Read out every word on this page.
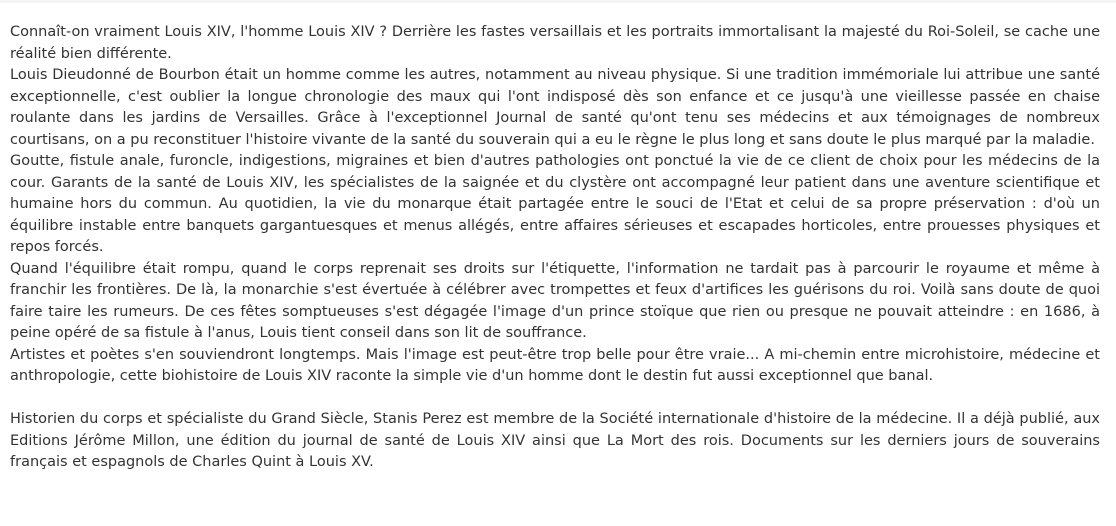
Connaît-on vraiment Louis XIV, l'homme Louis XIV ? Derrière les fastes versaillais et les portraits immortalisant la majesté du Roi-Soleil, se cache une réalité bien différente.

Louis Dieudonné de Bourbon était un homme comme les autres, notamment au niveau physique. Si une tradition immémoriale lui attribue une santé exceptionnelle, c'est oublier la longue chronologie des maux qui l'ont indisposé dès son enfance et ce jusqu'à une vieillesse passée en chaise roulante dans les jardins de Versailles. Grâce à l'exceptionnel Journal de santé qu'ont tenu ses médecins et aux témoignages de nombreux courtisans, on a pu reconstituer l'histoire vivante de la santé du souverain qui a eu le règne le plus long et sans doute le plus marqué par la maladie.

Goutte, fistule anale, furoncle, indigestions, migraines et bien d'autres pathologies ont ponctué la vie de ce client de choix pour les médecins de la cour. Garants de la santé de Louis XIV, les spécialistes de la saignée et du clystère ont accompagné leur patient dans une aventure scientifique et humaine hors du commun. Au quotidien, la vie du monarque était partagée entre le souci de l'Etat et celui de sa propre préservation : d'où un équilibre instable entre banquets gargantuesques et menus allégés, entre affaires sérieuses et escapades horticoles, entre prouesses physiques et repos forcés.

Quand l'équilibre était rompu, quand le corps reprenait ses droits sur l'étiquette, l'information ne tardait pas à parcourir le royaume et même à franchir les frontières. De là, la monarchie s'est évertuée à célébrer avec trompettes et feux d'artifices les guérisons du roi. Voilà sans doute de quoi faire taire les rumeurs. De ces fêtes somptueuses s'est dégagée l'image d'un prince stoïque que rien ou presque ne pouvait atteindre : en 1686, à peine opéré de sa fistule à l'anus, Louis tient conseil dans son lit de souffrance.

Artistes et poètes s'en souviendront longtemps. Mais l'image est peut-être trop belle pour être vraie... A mi-chemin entre microhistoire, médecine et anthropologie, cette biohistoire de Louis XIV raconte la simple vie d'un homme dont le destin fut aussi exceptionnel que banal.

Historien du corps et spécialiste du Grand Siècle, Stanis Perez est membre de la Société internationale d'histoire de la médecine. Il a déjà publié, aux Editions Jérôme Millon, une édition du journal de santé de Louis XIV ainsi que La Mort des rois. Documents sur les derniers jours de souverains français et espagnols de Charles Quint à Louis XV.
